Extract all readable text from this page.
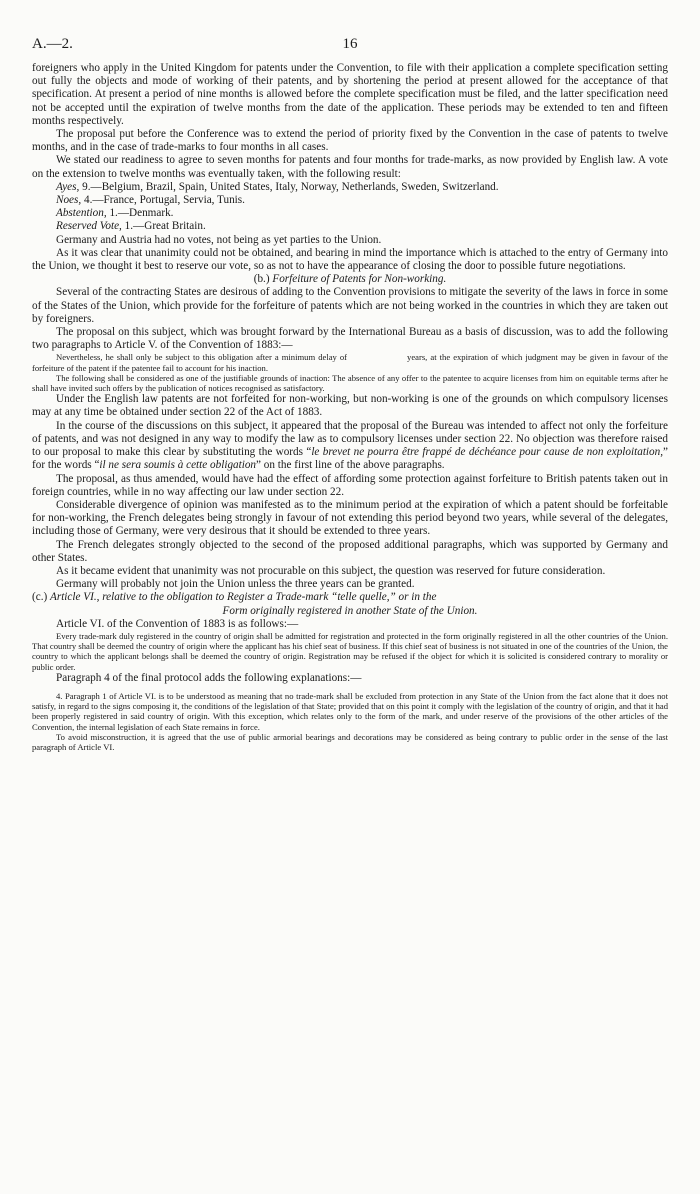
A.—2.	16

foreigners who apply in the United Kingdom for patents under the Convention, to file with their application a complete specification setting out fully the objects and mode of working of their patents, and by shortening the period at present allowed for the acceptance of that specification. At present a period of nine months is allowed before the complete specification must be filed, and the latter specification need not be accepted until the expiration of twelve months from the date of the application. These periods may be extended to ten and fifteen months respectively.

The proposal put before the Conference was to extend the period of priority fixed by the Convention in the case of patents to twelve months, and in the case of trade-marks to four months in all cases.

We stated our readiness to agree to seven months for patents and four months for trade-marks, as now provided by English law. A vote on the extension to twelve months was eventually taken, with the following result:

Ayes, 9.—Belgium, Brazil, Spain, United States, Italy, Norway, Netherlands, Sweden, Switzerland.

Noes, 4.—France, Portugal, Servia, Tunis.

Abstention, 1.—Denmark.

Reserved Vote, 1.—Great Britain.

Germany and Austria had no votes, not being as yet parties to the Union.

As it was clear that unanimity could not be obtained, and bearing in mind the importance which is attached to the entry of Germany into the Union, we thought it best to reserve our vote, so as not to have the appearance of closing the door to possible future negotiations.

(b.) Forfeiture of Patents for Non-working.

Several of the contracting States are desirous of adding to the Convention provisions to mitigate the severity of the laws in force in some of the States of the Union, which provide for the forfeiture of patents which are not being worked in the countries in which they are taken out by foreigners.

The proposal on this subject, which was brought forward by the International Bureau as a basis of discussion, was to add the following two paragraphs to Article V. of the Convention of 1883:—

Nevertheless, he shall only be subject to this obligation after a minimum delay of	years, at the expiration of which judgment may be given in favour of the forfeiture of the patent if the patentee fail to account for his inaction.

The following shall be considered as one of the justifiable grounds of inaction: The absence of any offer to the patentee to acquire licenses from him on equitable terms after he shall have invited such offers by the publication of notices recognised as satisfactory.

Under the English law patents are not forfeited for non-working, but non-working is one of the grounds on which compulsory licenses may at any time be obtained under section 22 of the Act of 1883.

In the course of the discussions on this subject, it appeared that the proposal of the Bureau was intended to affect not only the forfeiture of patents, and was not designed in any way to modify the law as to compulsory licenses under section 22. No objection was therefore raised to our proposal to make this clear by substituting the words “le brevet ne pourra être frappé de déchéance pour cause de non exploitation,” for the words “il ne sera soumis à cette obligation” on the first line of the above paragraphs.

The proposal, as thus amended, would have had the effect of affording some protection against forfeiture to British patents taken out in foreign countries, while in no way affecting our law under section 22.

Considerable divergence of opinion was manifested as to the minimum period at the expiration of which a patent should be forfeitable for non-working, the French delegates being strongly in favour of not extending this period beyond two years, while several of the delegates, including those of Germany, were very desirous that it should be extended to three years.

The French delegates strongly objected to the second of the proposed additional paragraphs, which was supported by Germany and other States.

As it became evident that unanimity was not procurable on this subject, the question was reserved for future consideration.

Germany will probably not join the Union unless the three years can be granted.

(c.) Article VI., relative to the obligation to Register a Trade-mark “telle quelle,” or in the

Form originally registered in another State of the Union.

Article VI. of the Convention of 1883 is as follows:—

Every trade-mark duly registered in the country of origin shall be admitted for registration and protected in the form originally registered in all the other countries of the Union. That country shall be deemed the country of origin where the applicant has his chief seat of business. If this chief seat of business is not situated in one of the countries of the Union, the country to which the applicant belongs shall be deemed the country of origin. Registration may be refused if the object for which it is solicited is considered contrary to morality or public order.

Paragraph 4 of the final protocol adds the following explanations:—

4. Paragraph 1 of Article VI. is to be understood as meaning that no trade-mark shall be excluded from protection in any State of the Union from the fact alone that it does not satisfy, in regard to the signs composing it, the conditions of the legislation of that State; provided that on this point it comply with the legislation of the country of origin, and that it had been properly registered in said country of origin. With this exception, which relates only to the form of the mark, and under reserve of the provisions of the other articles of the Convention, the internal legislation of each State remains in force.

To avoid misconstruction, it is agreed that the use of public armorial bearings and decorations may be considered as being contrary to public order in the sense of the last paragraph of Article VI.
